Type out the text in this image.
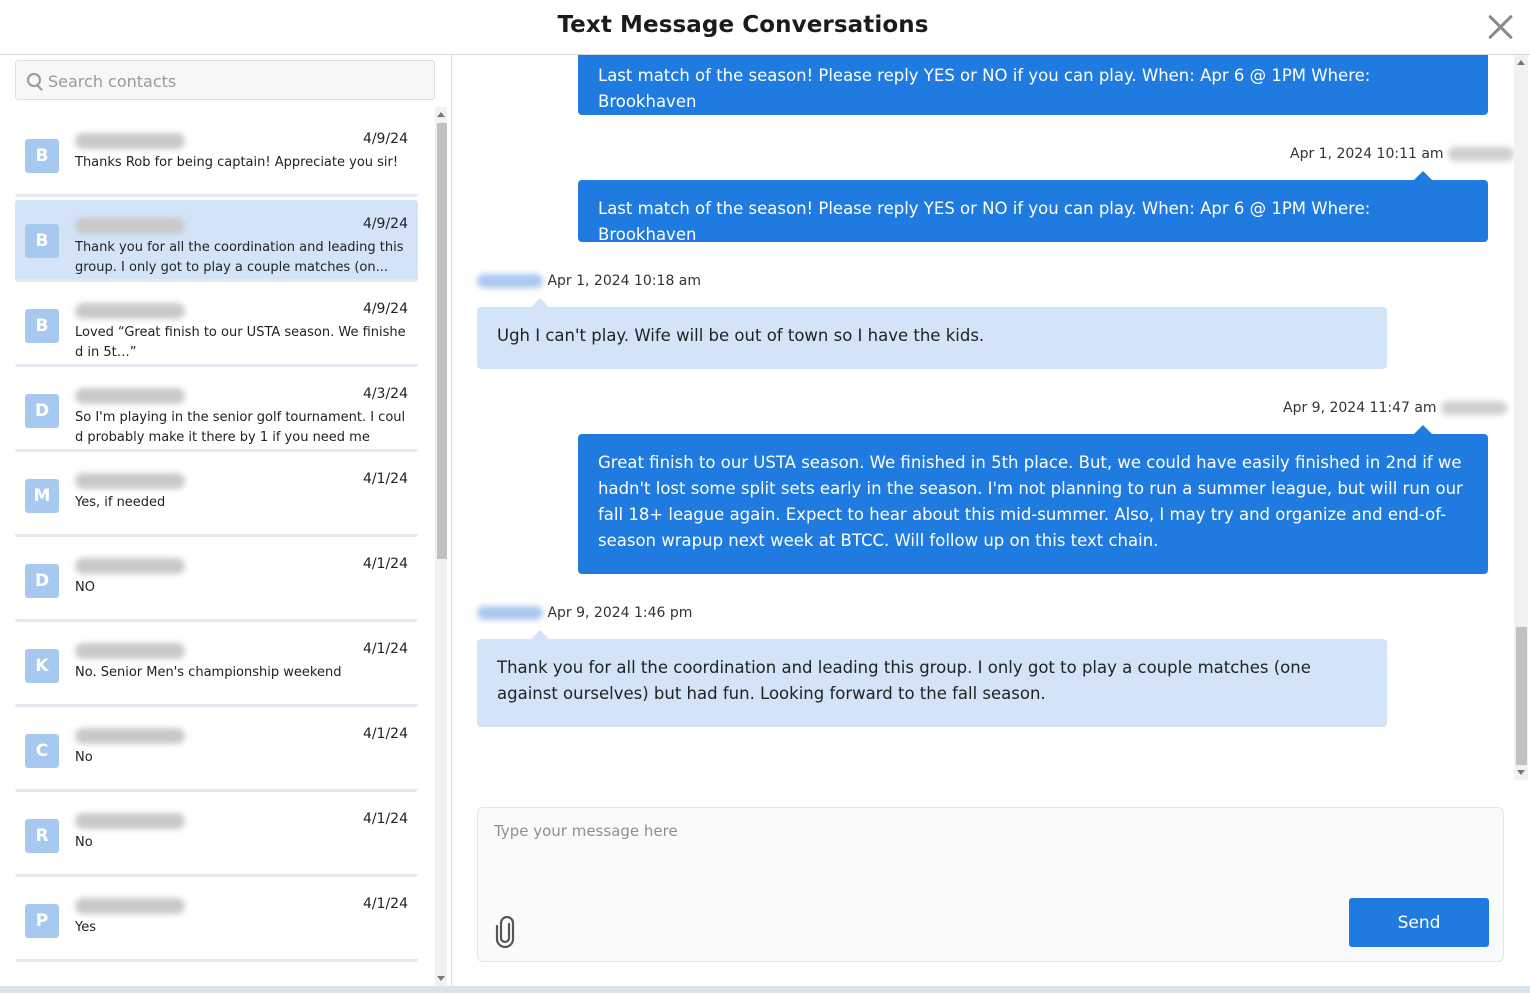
Text Message Conversations
Search contacts
B
4/9/24
Thanks Rob for being captain! Appreciate you sir!
B
4/9/24
Thank you for all the coordination and leading this group. I only got to play a couple matches (on...
B
4/9/24
Loved “Great finish to our USTA season. We finished in 5t…”
D
4/3/24
So I'm playing in the senior golf tournament. I could probably make it there by 1 if you need me
M
4/1/24
Yes, if needed
D
4/1/24
NO
K
4/1/24
No. Senior Men's championship weekend
C
4/1/24
No
R
4/1/24
No
P
4/1/24
Yes
Last match of the season! Please reply YES or NO if you can play. When: Apr 6 @ 1PM Where: Brookhaven
Apr 1, 2024 10:11 am
Last match of the season! Please reply YES or NO if you can play. When: Apr 6 @ 1PM Where: Brookhaven
Apr 1, 2024 10:18 am
Ugh I can't play. Wife will be out of town so I have the kids.
Apr 9, 2024 11:47 am
Great finish to our USTA season. We finished in 5th place. But, we could have easily finished in 2nd if we hadn't lost some split sets early in the season. I'm not planning to run a summer league, but will run our fall 18+ league again. Expect to hear about this mid-summer. Also, I may try and organize and end-of-season wrapup next week at BTCC. Will follow up on this text chain.
Apr 9, 2024 1:46 pm
Thank you for all the coordination and leading this group. I only got to play a couple matches (one against ourselves) but had fun. Looking forward to the fall season.
Type your message here
Send
